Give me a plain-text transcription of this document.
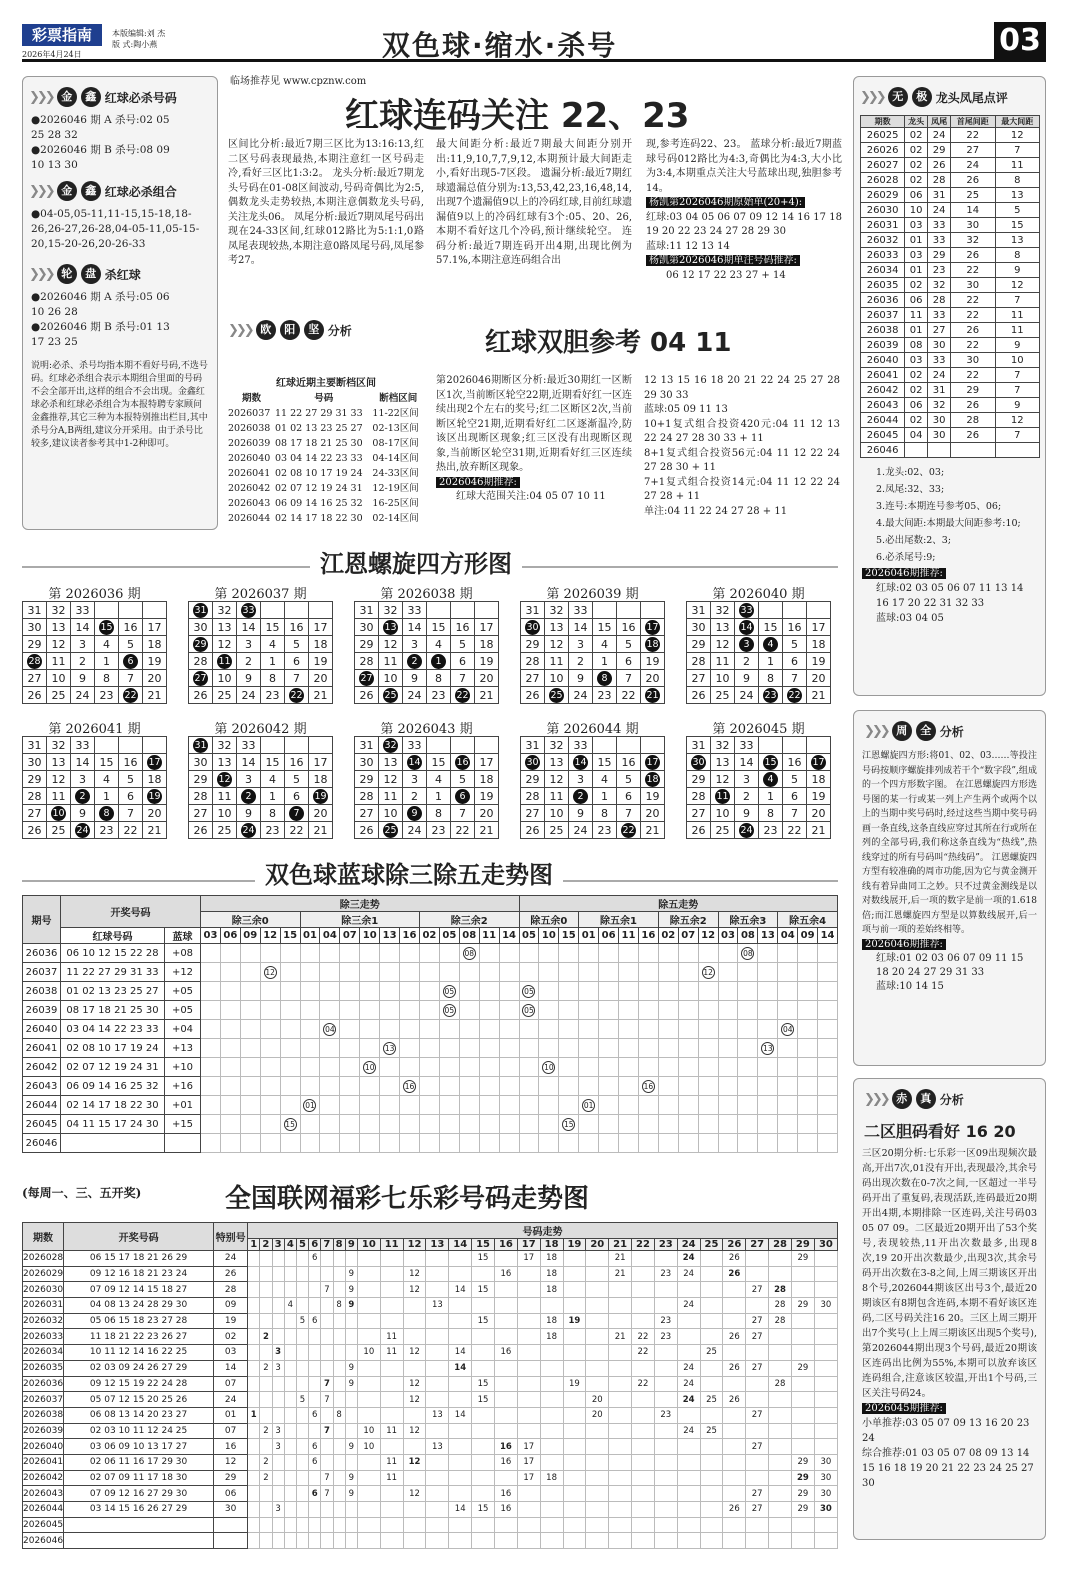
彩票指南
2026年4月24日
本版编辑:刘 杰
版 式:陶小燕	双色球·缩水·杀号	03
临场推荐见 www.cpznw.com
❯❯❯ 金	鑫 红球必杀号码
●2026046 期 A 杀号:02 05
25 28 32
●2026046 期 B 杀号:08 09
10 13 30
❯❯❯ 金	鑫 红球必杀组合
●04-05,05-11,11-15,15-18,18-26,26-27,26-28,04-05-11,05-15-20,15-20-26,20-26-33
❯❯❯ 轮	盘 杀红球
●2026046 期 A 杀号:05 06
10 26 28
●2026046 期 B 杀号:01 13
17 23 25
说明:必杀、杀号均指本期不看好号码,不选号码。红球必杀组合表示本期组合里面的号码不会全部开出,这样的组合不会出现。金鑫红球必杀和红球必杀组合为本报特聘专家顾问金鑫推荐,其它三种为本报特别推出栏目,其中杀号分A,B两组,建议分开采用。由于杀号比较多,建议读者参考其中1-2种即可。
红球连码关注 22、23
区间比分析:最近7期三区比为13:16:13,红二区号码表现最热,本期注意红一区号码走冷,看好三区比1:3:2。 龙头分析:最近7期龙头号码在01-08区间波动,号码奇偶比为2:5,偶数龙头走势较热,本期注意偶数龙头号码,关注龙头06。 凤尾分析:最近7期凤尾号码出现在24-33区间,红球012路比为5:1:1,0路凤尾表现较热,本期注意0路凤尾号码,凤尾参考27。
最大间距分析:最近7期最大间距分别开出:11,9,10,7,7,9,12,本期预计最大间距走小,看好出现5-7区段。 遗漏分析:最近7期红球遗漏总值分别为:13,53,42,23,16,48,14,出现7个遗漏值9以上的冷码红球,目前红球遗漏值9以上的冷码红球有3个:05、20、26,本期不看好这几个冷码,预计继续轮空。 连码分析:最近7期连码开出4期,出现比例为57.1%,本期注意连码组合出
现,参考连码22、23。 蓝球分析:最近7期蓝球号码012路比为4:3,奇偶比为4:3,大小比为3:4,本期重点关注大号蓝球出现,独胆参考14。
杨凯第2026046期原始单(20+4):
红球:03 04 05 06 07 09 12 14 16 17 18 19 20 22 23 24 27 28 29 30
蓝球:11 12 13 14
杨凯第2026046期单注号码推荐:
06 12 17 22 23 27 + 14
❯❯❯ 欧	阳	坚 分析	红球双胆参考 04 11
红球近期主要断档区间
期数	号码	断档区间
2026037	11 22 27 29 31 33	11-22区间
2026038	01 02 13 23 25 27	02-13区间
2026039	08 17 18 21 25 30	08-17区间
2026040	03 04 14 22 23 33	04-14区间
2026041	02 08 10 17 19 24	24-33区间
2026042	02 07 12 19 24 31	12-19区间
2026043	06 09 14 16 25 32	16-25区间
2026044	02 14 17 18 22 30	02-14区间
第2026046期断区分析:最近30期红一区断区1次,当前断区轮空22期,近期看好红一区连续出现2个左右的奖号;红二区断区2次,当前断区轮空21期,近期看好红二区逐渐温冷,防该区出现断区现象;红三区没有出现断区现象,当前断区轮空31期,近期看好红三区连续热出,放弃断区现象。
2026046期推荐:
红球大范围关注:04 05 07 10 11
12 13 15 16 18 20 21 22 24 25 27 28 29 30 33
蓝球:05 09 11 13
10+1复式组合投资420元:04 11 12 13 22 24 27 28 30 33 + 11
8+1复式组合投资56元:04 11 12 22 24 27 28 30 + 11
7+1复式组合投资14元:04 11 12 22 24 27 28 + 11
单注:04 11 22 24 27 28 + 11
江恩螺旋四方形图
第 2026036 期
31	32	33			
30	13	14	15	16	17
29	12	3	4	5	18
28	11	2	1	6	19
27	10	9	8	7	20
26	25	24	23	22	21
第 2026037 期
31	32	33			
30	13	14	15	16	17
29	12	3	4	5	18
28	11	2	1	6	19
27	10	9	8	7	20
26	25	24	23	22	21
第 2026038 期
31	32	33			
30	13	14	15	16	17
29	12	3	4	5	18
28	11	2	1	6	19
27	10	9	8	7	20
26	25	24	23	22	21
第 2026039 期
31	32	33			
30	13	14	15	16	17
29	12	3	4	5	18
28	11	2	1	6	19
27	10	9	8	7	20
26	25	24	23	22	21
第 2026040 期
31	32	33			
30	13	14	15	16	17
29	12	3	4	5	18
28	11	2	1	6	19
27	10	9	8	7	20
26	25	24	23	22	21
第 2026041 期
31	32	33			
30	13	14	15	16	17
29	12	3	4	5	18
28	11	2	1	6	19
27	10	9	8	7	20
26	25	24	23	22	21
第 2026042 期
31	32	33			
30	13	14	15	16	17
29	12	3	4	5	18
28	11	2	1	6	19
27	10	9	8	7	20
26	25	24	23	22	21
第 2026043 期
31	32	33			
30	13	14	15	16	17
29	12	3	4	5	18
28	11	2	1	6	19
27	10	9	8	7	20
26	25	24	23	22	21
第 2026044 期
31	32	33			
30	13	14	15	16	17
29	12	3	4	5	18
28	11	2	1	6	19
27	10	9	8	7	20
26	25	24	23	22	21
第 2026045 期
31	32	33			
30	13	14	15	16	17
29	12	3	4	5	18
28	11	2	1	6	19
27	10	9	8	7	20
26	25	24	23	22	21
双色球蓝球除三除五走势图
期号	开奖号码		除三走势																除五走势															
			除三余0					除三余1						除三余2					除五余0			除五余1				除五余2			除五余3			除五余4		
	红球号码	蓝球	03	06	09	12	15	01	04	07	10	13	16	02	05	08	11	14	05	10	15	01	06	11	16	02	07	12	03	08	13	04	09	14
26036	06 10 12 15 22 28	+08														08														08				
26037	11 22 27 29 31 33	+12				12																						12						
26038	01 02 13 23 25 27	+05													05				05															
26039	08 17 18 21 25 30	+05													05				05															
26040	03 04 14 22 23 33	+04							04																							04		
26041	02 08 10 17 19 24	+13										13																			13			
26042	02 07 12 19 24 31	+10									10									10														
26043	06 09 14 16 25 32	+16											16												16									
26044	02 14 17 18 22 30	+01						01														01												
26045	04 11 15 17 24 30	+15					15														15													
26046																																		
(每周一、三、五开奖)	全国联网福彩七乐彩号码走势图
期数	开奖号码	特别号	号码走势																													
			1	2	3	4	5	6	7	8	9	10	11	12	13	14	15	16	17	18	19	20	21	22	23	24	25	26	27	28	29	30
2026028	06 15 17 18 21 26 29	24						6									15		17	18			21			24		26			29	
2026029	09 12 16 18 21 23 24	26									9			12				16		18			21		23	24		26				
2026030	07 09 12 14 15 18 27	28							7		9			12		14	15			18									27	28		
2026031	04 08 13 24 28 29 30	09				4				8	9				13											24				28	29	30
2026032	05 06 15 18 23 27 28	19					5	6									15			18	19				23				27	28		
2026033	11 18 21 22 23 26 27	02		2									11							18			21	22	23			26	27			
2026034	10 11 12 14 16 22 25	03			3							10	11	12		14		16						22			25					
2026035	02 03 09 24 26 27 29	14		2	3						9					14										24		26	27		29	
2026036	09 12 15 19 22 24 28	07							7		9			12			15				19			22		24				28		
2026037	05 07 12 15 20 25 26	24					5		7					12			15					20				24	25	26				
2026038	06 08 13 14 20 23 27	01	1					6		8					13	14						20			23				27			
2026039	02 03 10 11 12 24 25	07		2	3				7			10	11	12												24	25					
2026040	03 06 09 10 13 17 27	16			3			6			9	10			13			16	17										27			
2026041	02 06 11 16 17 29 30	12		2				6					11	12				16	17												29	30
2026042	02 07 09 11 17 18 30	29		2					7		9		11						17	18											29	30
2026043	07 09 12 16 27 29 30	06						6	7		9			12				16											27		29	30
2026044	03 14 15 16 26 27 29	30			3											14	15	16										26	27		29	30
2026045																																
2026046																																
❯❯❯ 无	极 龙头凤尾点评
期数	龙头	凤尾	首尾间距	最大间距
26025	02	24	22	12
26026	02	29	27	7
26027	02	26	24	11
26028	02	28	26	8
26029	06	31	25	13
26030	10	24	14	5
26031	03	33	30	15
26032	01	33	32	13
26033	03	29	26	8
26034	01	23	22	9
26035	02	32	30	12
26036	06	28	22	7
26037	11	33	22	11
26038	01	27	26	11
26039	08	30	22	9
26040	03	33	30	10
26041	02	24	22	7
26042	02	31	29	7
26043	06	32	26	9
26044	02	30	28	12
26045	04	30	26	7
26046				
1.龙头:02、03;
2.凤尾:32、33;
3.连号:本期连号参考05、06;
4.最大间距:本期最大间距参考:10;
5.必出尾数:2、3;
6.必杀尾号:9;
2026046期推荐:
红球:02 03 05 06 07 11 13 14 16 17 20 22 31 32 33
蓝球:03 04 05
❯❯❯ 周	全 分析
江恩螺旋四方形:将01、02、03……等投注号码按顺序螺旋排列成若干个“数字段”,组成的一个四方形数字图。 在江恩螺旋四方形选号图的某一行或某一列上产生两个或两个以上的当期中奖号码时,经过这些当期中奖号码画一条直线,这条直线应穿过其所在行或所在列的全部号码,我们称这条直线为“热线”,热线穿过的所有号码叫“热线码”。 江恩螺旋四方型有较准确的周市功能,因为它与黄金测开线有着异曲同工之妙。只不过黄金测线是以对数线展开,后一项的数字是前一项的1.618倍;而江恩螺旋四方型是以算数线展开,后一项与前一项的差始终相等。
2026046期推荐:
红球:01 02 03 06 07 09 11 15 18 20 24 27 29 31 33
蓝球:10 14 15
❯❯❯ 赤	真 分析
二区胆码看好 16 20
三区20期分析:七乐彩一区09出现频次最高,开出7次,01没有开出,表现最冷,其余号码出现次数在0-7次之间,一区超过一半号码开出了重复码,表现活跃,连码最近20期开出4期,本期排除一区连码,关注号码03 05 07 09。二区最近20期开出了53个奖号,表现较热,11开出次数最多,出现8次,19 20开出次数最少,出现3次,其余号码开出次数在3-8之间,上周三期该区开出8个号,2026044期该区出号3个,最近20期该区有8期包含连码,本期不看好该区连码,二区号码关注16 20。三区上周三期开出7个奖号(上上周三期该区出现5个奖号),第2026044期出现3个号码,最近20期该区连码出比例为55%,本期可以放弃该区连码组合,注意该区较温,开出1个号码,三区关注号码24。
2026045期推荐:
小单推荐:03 05 07 09 13 16 20 23 24
综合推荐:01 03 05 07 08 09 13 14 15 16 18 19 20 21 22 23 24 25 27 30
